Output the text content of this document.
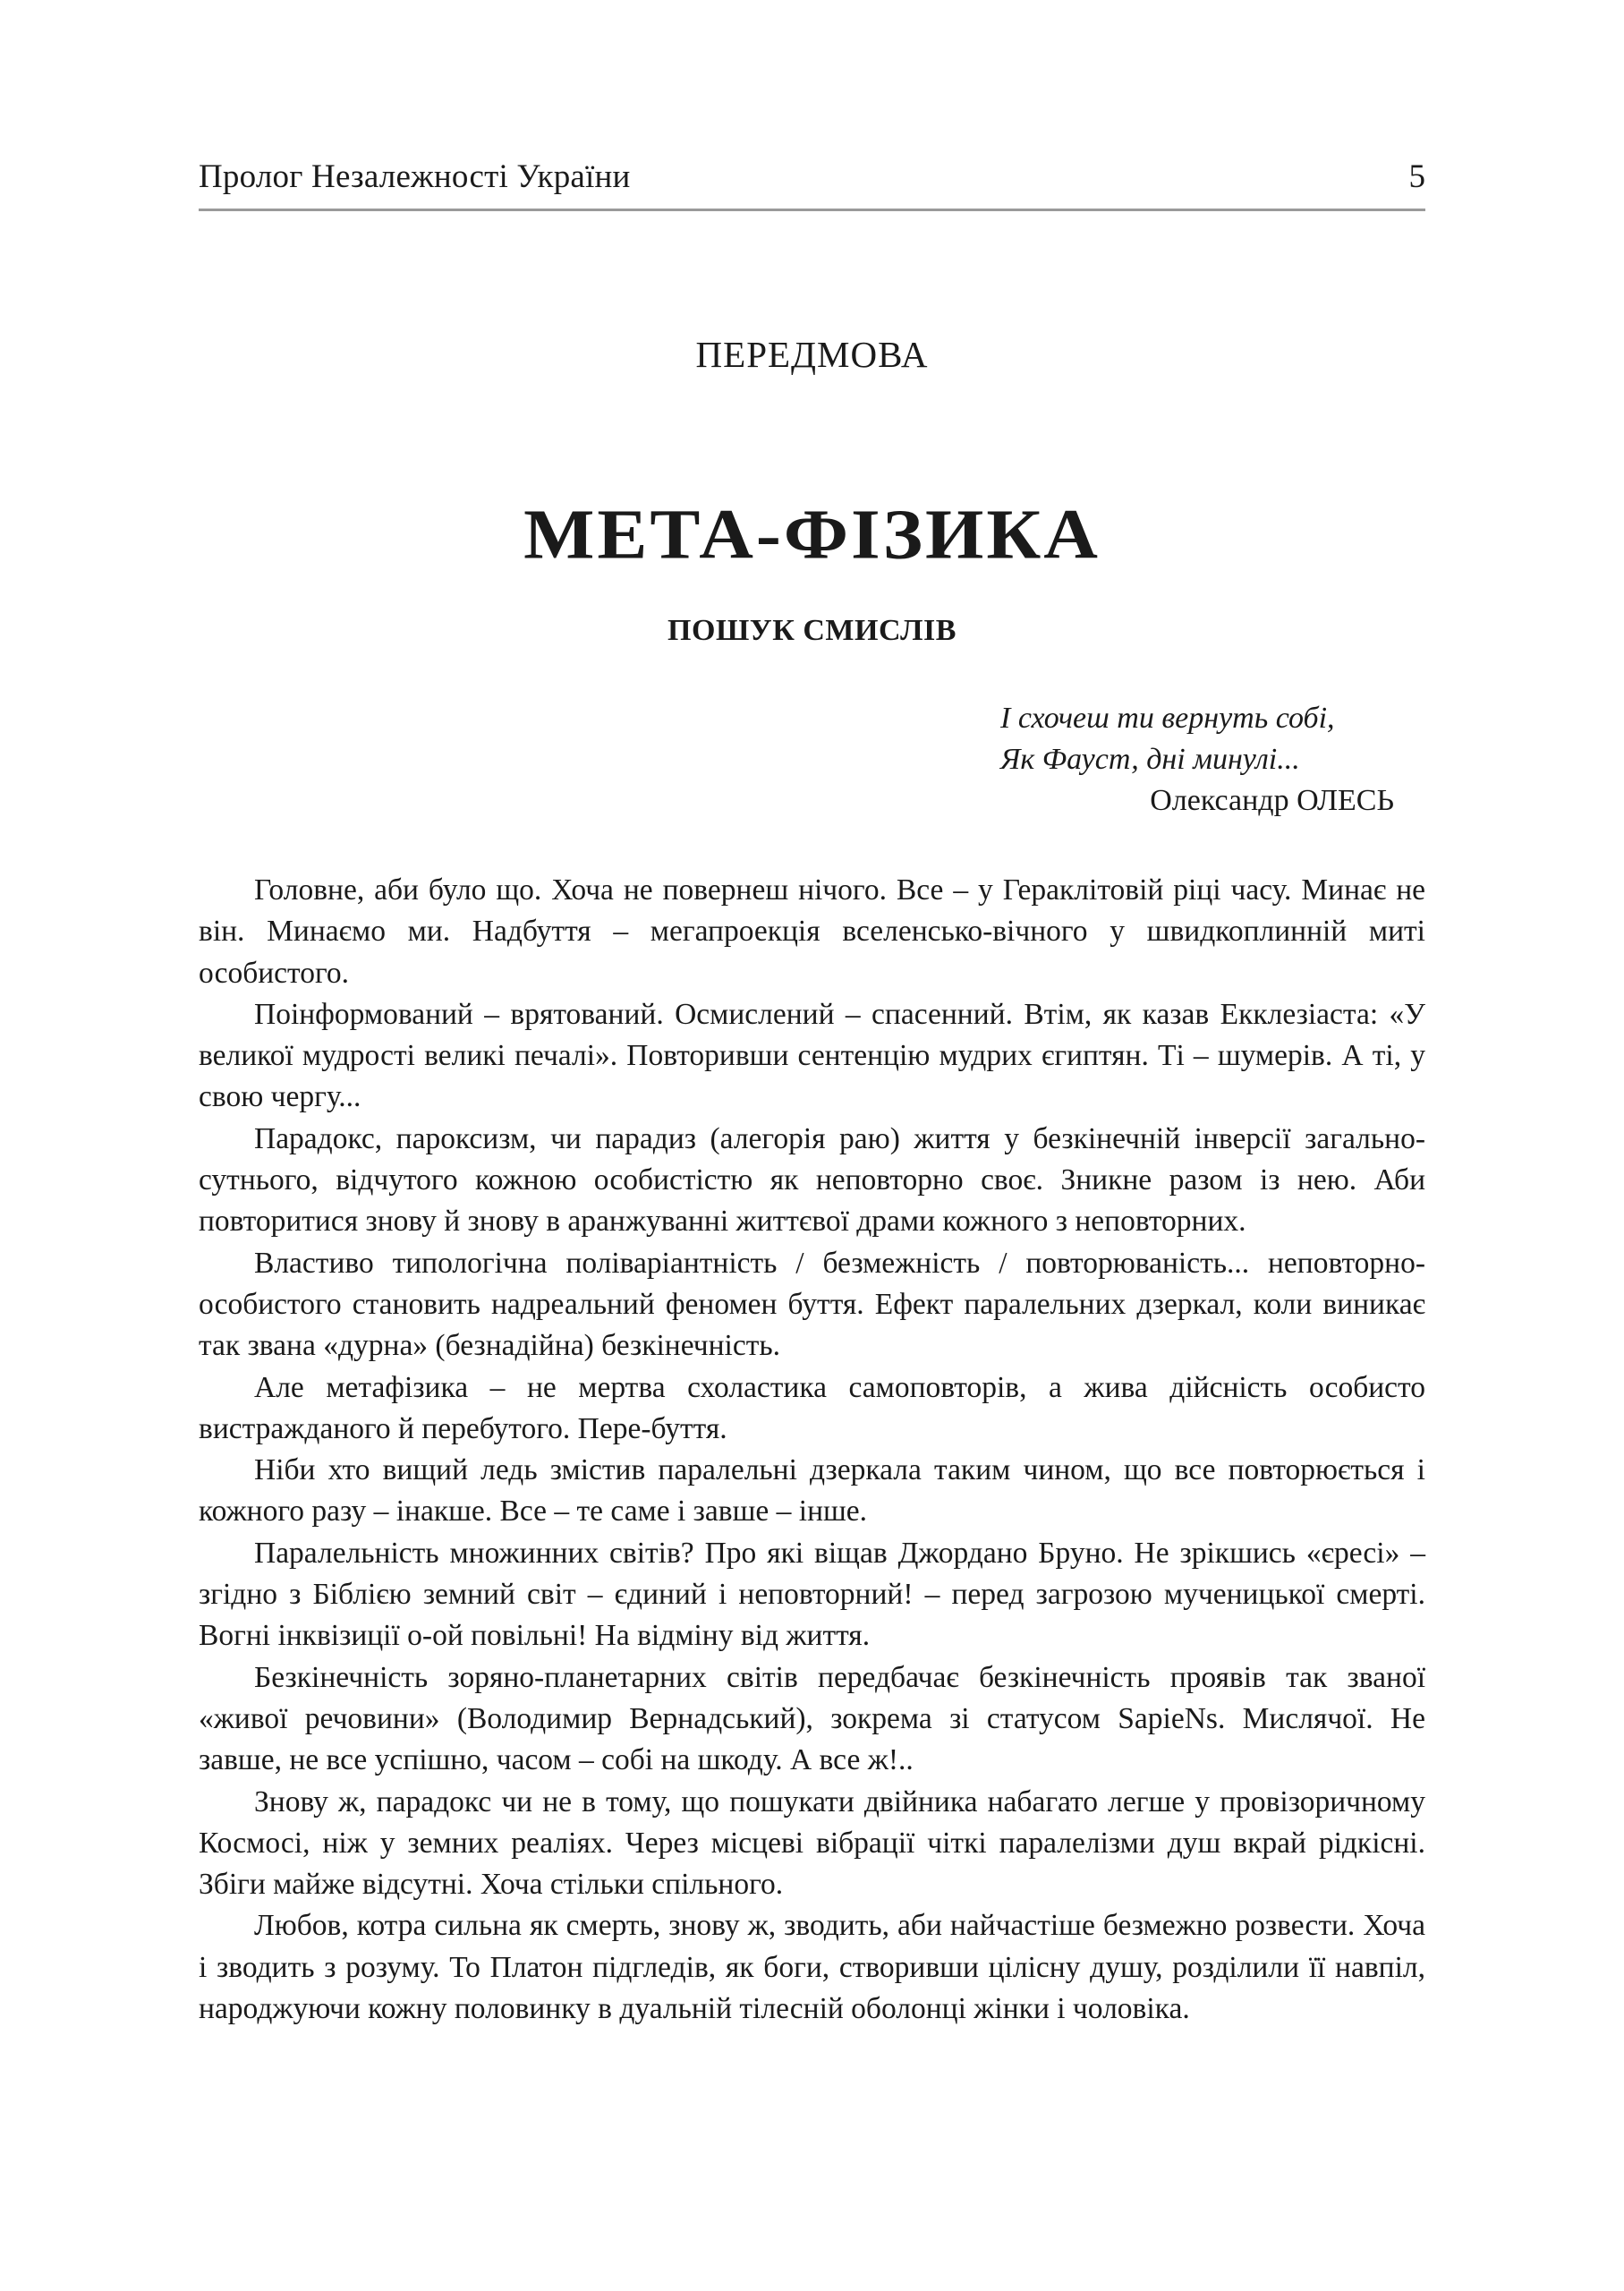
Пролог Незалежності України	5
ПЕРЕДМОВА
МЕТА-ФІЗИКА
ПОШУК СМИСЛІВ
І схочеш ти вернуть собі,
Як Фауст, дні минулі...
Олександр ОЛЕСЬ

Головне, аби було що. Хоча не повернеш нічого. Все – у Гераклітовій ріці часу. Минає не він. Минаємо ми. Надбуття – мегапроекція вселенсько-вічного у швидкоплинній миті особистого.

Поінформований – врятований. Осмислений – спасенний. Втім, як казав Екклезіаста: «У великої мудрості великі печалі». Повторивши сентенцію мудрих єгиптян. Ті – шумерів. А ті, у свою чергу...

Парадокс, пароксизм, чи парадиз (алегорія раю) життя у безкінечній інверсії загально-сутнього, відчутого кожною особистістю як неповторно своє. Зникне разом із нею. Аби повторитися знову й знову в аранжуванні життєвої драми кожного з неповторних.

Властиво типологічна поліваріантність / безмежність / повторюваність... неповторно-особистого становить надреальний феномен буття. Ефект паралельних дзеркал, коли виникає так звана «дурна» (безнадійна) безкінечність.

Але метафізика – не мертва схоластика самоповторів, а жива дійсність особисто вистражданого й перебутого. Пере-буття.

Ніби хто вищий ледь змістив паралельні дзеркала таким чином, що все повторюється і кожного разу – інакше. Все – те саме і завше – інше.

Паралельність множинних світів? Про які віщав Джордано Бруно. Не зрікшись «єресі» – згідно з Біблією земний світ – єдиний і неповторний! – перед загрозою мученицької смерті. Вогні інквізиції о-ой повільні! На відміну від життя.

Безкінечність зоряно-планетарних світів передбачає безкінечність проявів так званої «живої речовини» (Володимир Вернадський), зокрема зі статусом SapieNs. Мислячої. Не завше, не все успішно, часом – собі на шкоду. А все ж!..

Знову ж, парадокс чи не в тому, що пошукати двійника набагато легше у провізоричному Космосі, ніж у земних реаліях. Через місцеві вібрації чіткі паралелізми душ вкрай рідкісні. Збіги майже відсутні. Хоча стільки спільного.

Любов, котра сильна як смерть, знову ж, зводить, аби найчастіше безмежно розвести. Хоча і зводить з розуму. То Платон підгледів, як боги, створивши цілісну душу, розділили її навпіл, народжуючи кожну половинку в дуальній тілесній оболонці жінки і чоловіка.
